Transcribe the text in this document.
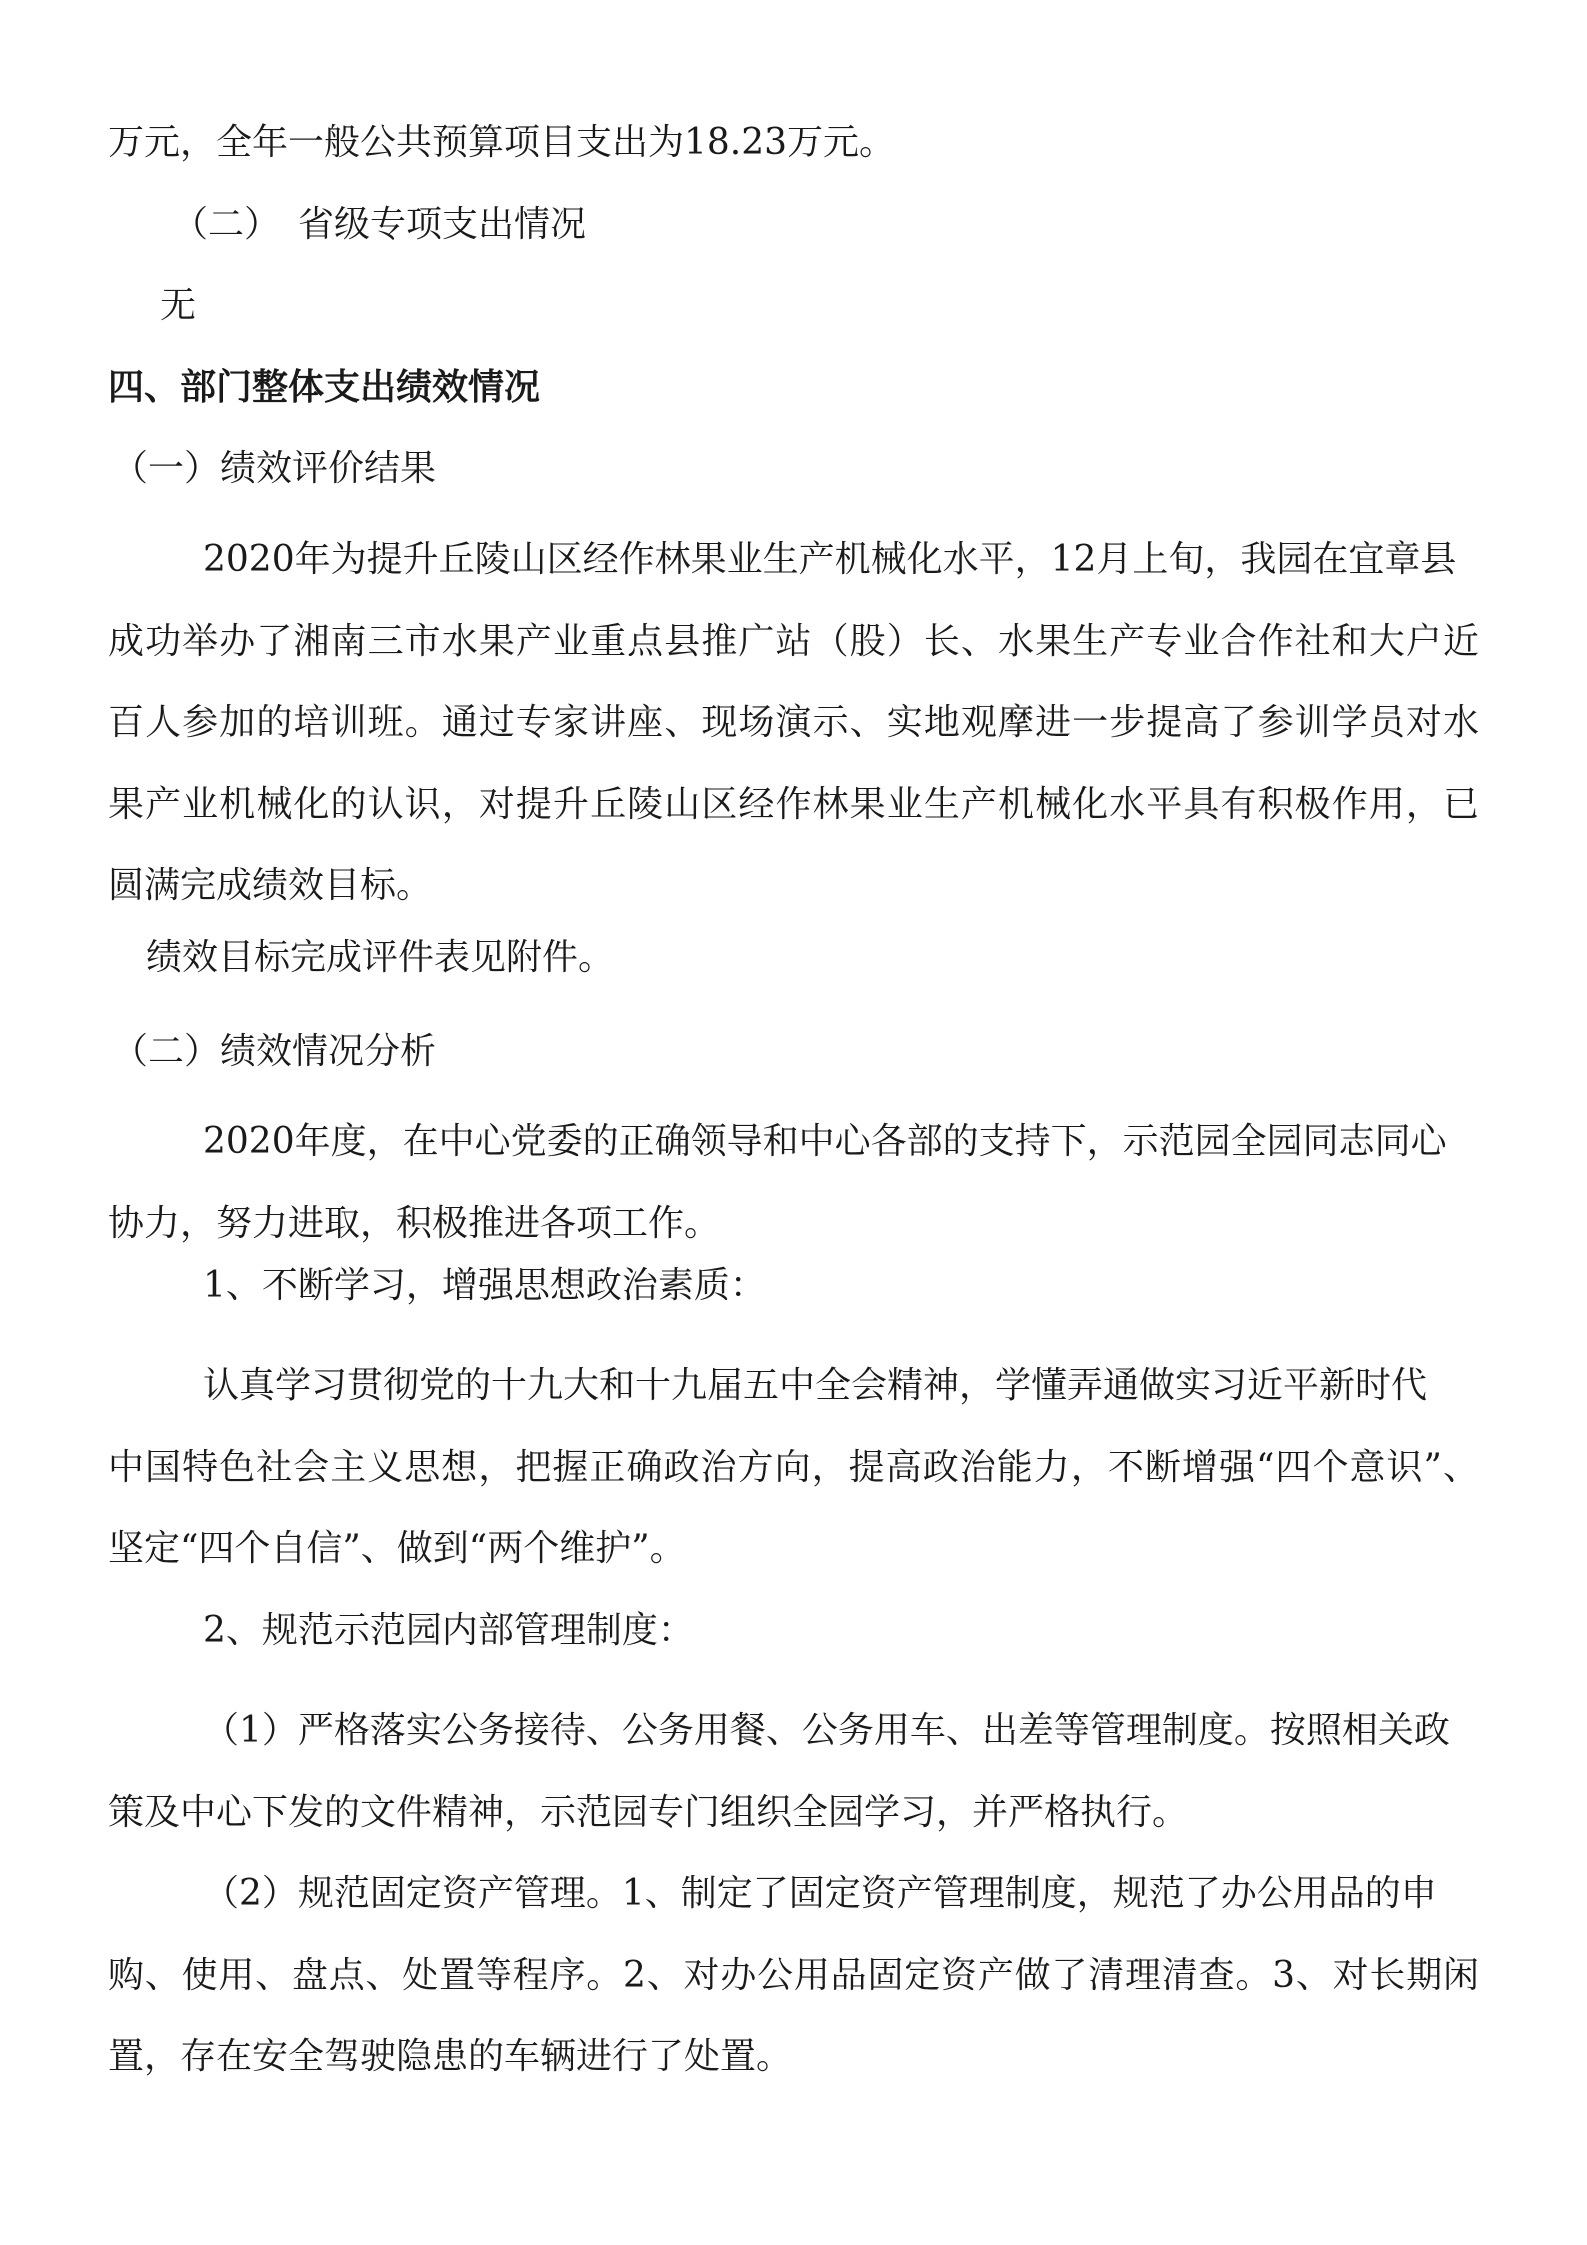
万元，全年一般公共预算项目支出为18.23万元。
（二）　省级专项支出情况
无
四、部门整体支出绩效情况
（一）绩效评价结果
2020年为提升丘陵山区经作林果业生产机械化水平，12月上旬，我园在宜章县
成功举办了湘南三市水果产业重点县推广站（股）长、水果生产专业合作社和大户近
百人参加的培训班。通过专家讲座、现场演示、实地观摩进一步提高了参训学员对水
果产业机械化的认识，对提升丘陵山区经作林果业生产机械化水平具有积极作用，已
圆满完成绩效目标。
绩效目标完成评件表见附件。
（二）绩效情况分析
2020年度，在中心党委的正确领导和中心各部的支持下，示范园全园同志同心
协力，努力进取，积极推进各项工作。
1、不断学习，增强思想政治素质：
认真学习贯彻党的十九大和十九届五中全会精神，学懂弄通做实习近平新时代
中国特色社会主义思想，把握正确政治方向，提高政治能力，不断增强“四个意识”、
坚定“四个自信”、做到“两个维护”。
2、规范示范园内部管理制度：
（1）严格落实公务接待、公务用餐、公务用车、出差等管理制度。按照相关政
策及中心下发的文件精神，示范园专门组织全园学习，并严格执行。
（2）规范固定资产管理。1、制定了固定资产管理制度，规范了办公用品的申
购、使用、盘点、处置等程序。2、对办公用品固定资产做了清理清查。3、对长期闲
置，存在安全驾驶隐患的车辆进行了处置。
